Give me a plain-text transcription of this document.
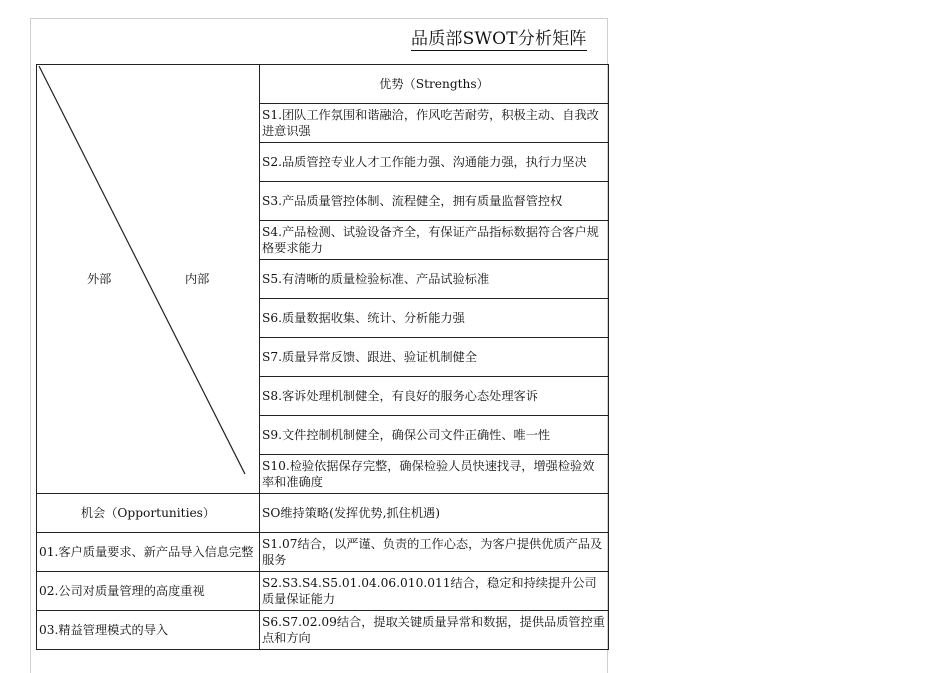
品质部SWOT分析矩阵
外部 内部	优势（Strengths）
	S1.团队工作氛围和谐融洽，作风吃苦耐劳，积极主动、自我改进意识强
	S2.品质管控专业人才工作能力强、沟通能力强，执行力坚决
	S3.产品质量管控体制、流程健全，拥有质量监督管控权
	S4.产品检测、试验设备齐全，有保证产品指标数据符合客户规格要求能力
	S5.有清晰的质量检验标准、产品试验标准
	S6.质量数据收集、统计、分析能力强
	S7.质量异常反馈、跟进、验证机制健全
	S8.客诉处理机制健全，有良好的服务心态处理客诉
	S9.文件控制机制健全，确保公司文件正确性、唯一性
	S10.检验依据保存完整，确保检验人员快速找寻，增强检验效率和准确度
机会（Opportunities）	SO维持策略(发挥优势,抓住机遇)
01.客户质量要求、新产品导入信息完整	S1.07结合，以严谨、负责的工作心态，为客户提供优质产品及服务
02.公司对质量管理的高度重视	S2.S3.S4.S5.01.04.06.010.011结合，稳定和持续提升公司质量保证能力
03.精益管理模式的导入	S6.S7.02.09结合，提取关键质量异常和数据，提供品质管控重点和方向
